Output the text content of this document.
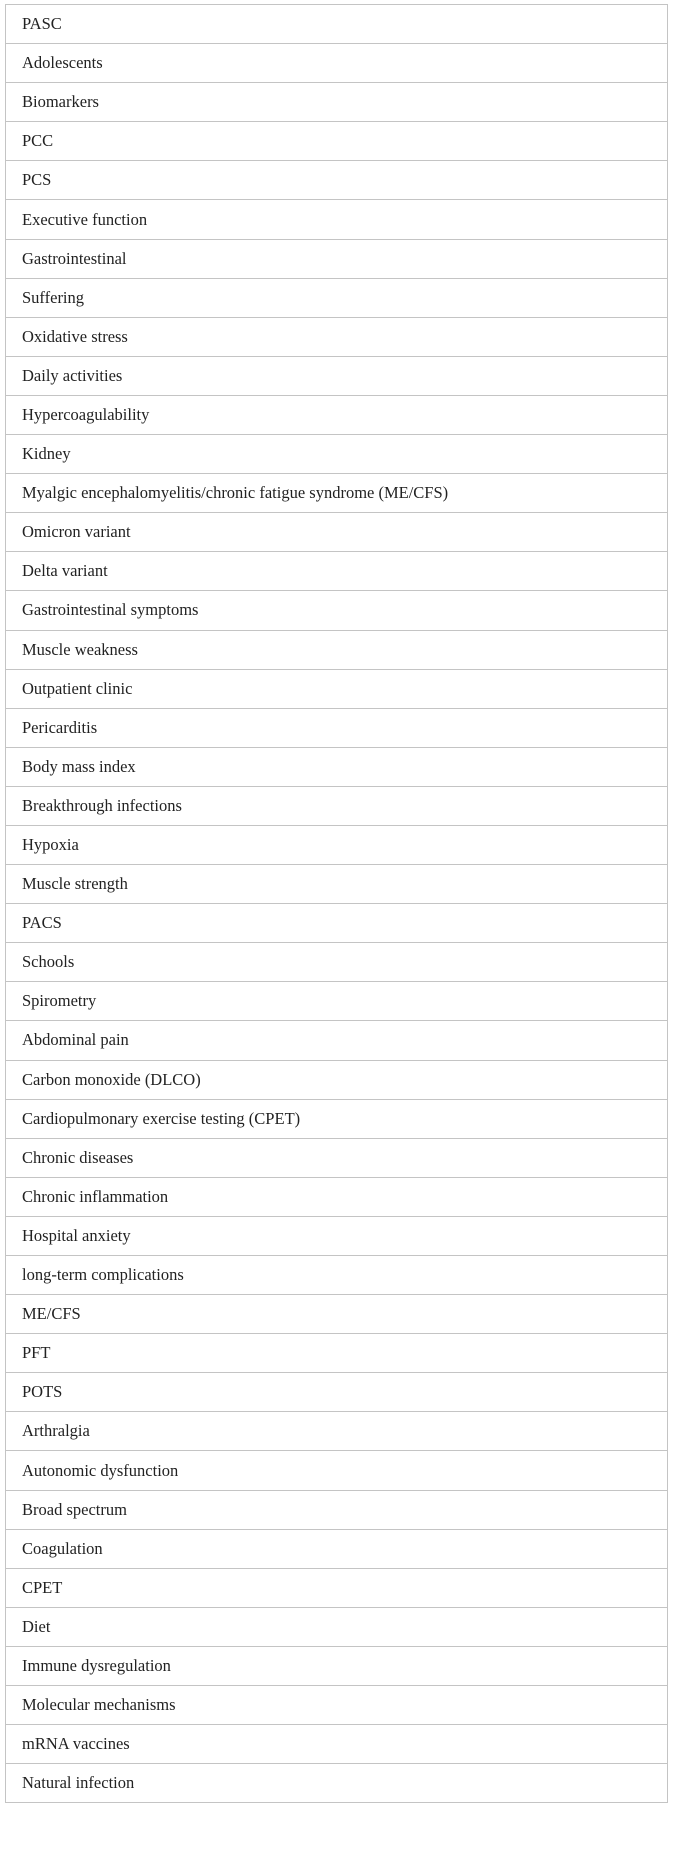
PASC
Adolescents
Biomarkers
PCC
PCS
Executive function
Gastrointestinal
Suffering
Oxidative stress
Daily activities
Hypercoagulability
Kidney
Myalgic encephalomyelitis/chronic fatigue syndrome (ME/CFS)
Omicron variant
Delta variant
Gastrointestinal symptoms
Muscle weakness
Outpatient clinic
Pericarditis
Body mass index
Breakthrough infections
Hypoxia
Muscle strength
PACS
Schools
Spirometry
Abdominal pain
Carbon monoxide (DLCO)
Cardiopulmonary exercise testing (CPET)
Chronic diseases
Chronic inflammation
Hospital anxiety
long-term complications
ME/CFS
PFT
POTS
Arthralgia
Autonomic dysfunction
Broad spectrum
Coagulation
CPET
Diet
Immune dysregulation
Molecular mechanisms
mRNA vaccines
Natural infection
